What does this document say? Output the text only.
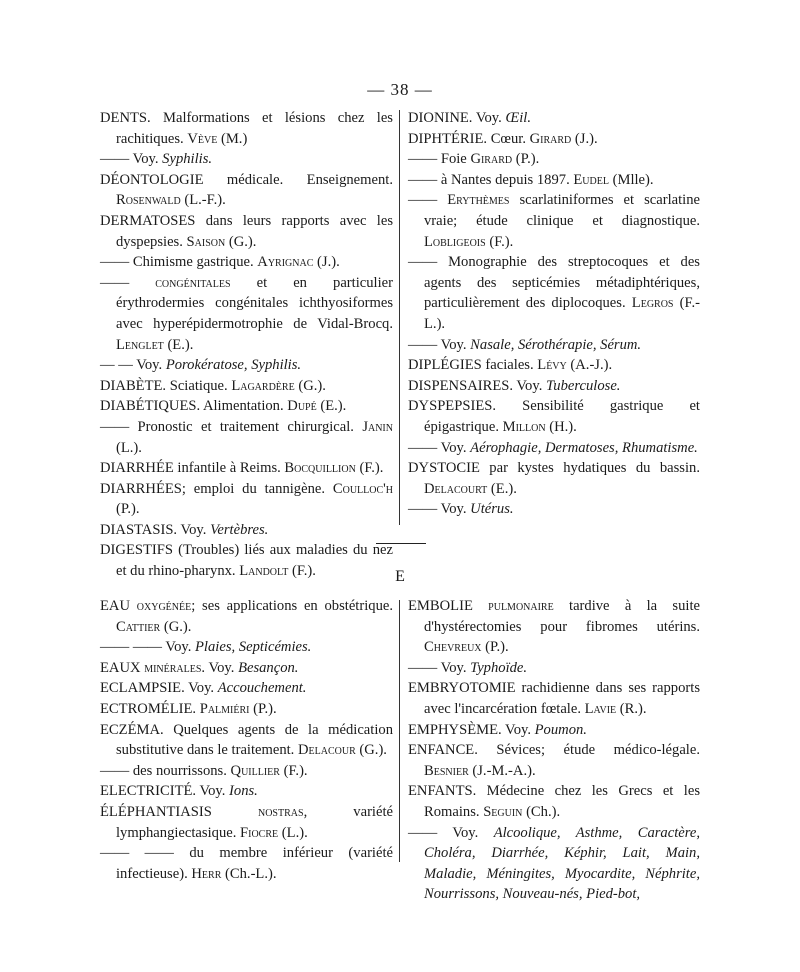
— 38 —

DENTS. Malformations et lésions chez les rachitiques. Vève (M.)

—— Voy. Syphilis.

DÉONTOLOGIE médicale. Enseignement. Rosenwald (L.-F.).

DERMATOSES dans leurs rapports avec les dyspepsies. Saison (G.).

—— Chimisme gastrique. Ayrignac (J.).

—— congénitales et en particulier érythrodermies congénitales ichthyosiformes avec hyperépidermotrophie de Vidal-Brocq. Lenglet (E.).

— — Voy. Porokératose, Syphilis.

DIABÈTE. Sciatique. Lagardère (G.).

DIABÉTIQUES. Alimentation. Dupé (E.).

—— Pronostic et traitement chirurgical. Janin (L.).

DIARRHÉE infantile à Reims. Bocquillion (F.).

DIARRHÉES; emploi du tannigène. Coulloc'h (P.).

DIASTASIS. Voy. Vertèbres.

DIGESTIFS (Troubles) liés aux maladies du nez et du rhino-pharynx. Landolt (F.).

DIONINE. Voy. Œil.

DIPHTÉRIE. Cœur. Girard (J.).

—— Foie Girard (P.).

—— à Nantes depuis 1897. Eudel (Mlle).

—— Erythèmes scarlatiniformes et scarlatine vraie; étude clinique et diagnostique. Lobligeois (F.).

—— Monographie des streptocoques et des agents des septicémies métadiphtériques, particulièrement des diplocoques. Legros (F.-L.).

—— Voy. Nasale, Sérothérapie, Sérum.

DIPLÉGIES faciales. Lévy (A.-J.).

DISPENSAIRES. Voy. Tuberculose.

DYSPEPSIES. Sensibilité gastrique et épigastrique. Millon (H.).

—— Voy. Aérophagie, Dermatoses, Rhumatisme.

DYSTOCIE par kystes hydatiques du bassin. Delacourt (E.).

—— Voy. Utérus.

E

EAU oxygénée; ses applications en obstétrique. Cattier (G.).

—— —— Voy. Plaies, Septicémies.

EAUX minérales. Voy. Besançon.

ECLAMPSIE. Voy. Accouchement.

ECTROMÉLIE. Palmiéri (P.).

ECZÉMA. Quelques agents de la médication substitutive dans le traitement. Delacour (G.).

—— des nourrissons. Quillier (F.).

ELECTRICITÉ. Voy. Ions.

ÉLÉPHANTIASIS nostras, variété lymphangiectasique. Fiocre (L.).

—— —— du membre inférieur (variété infectieuse). Herr (Ch.-L.).

EMBOLIE pulmonaire tardive à la suite d'hystérectomies pour fibromes utérins. Chevreux (P.).

—— Voy. Typhoïde.

EMBRYOTOMIE rachidienne dans ses rapports avec l'incarcération fœtale. Lavie (R.).

EMPHYSÈME. Voy. Poumon.

ENFANCE. Sévices; étude médico-légale. Besnier (J.-M.-A.).

ENFANTS. Médecine chez les Grecs et les Romains. Seguin (Ch.).

—— Voy. Alcoolique, Asthme, Caractère, Choléra, Diarrhée, Képhir, Lait, Main, Maladie, Méningites, Myocardite, Néphrite, Nourrissons, Nouveau-nés, Pied-bot,
